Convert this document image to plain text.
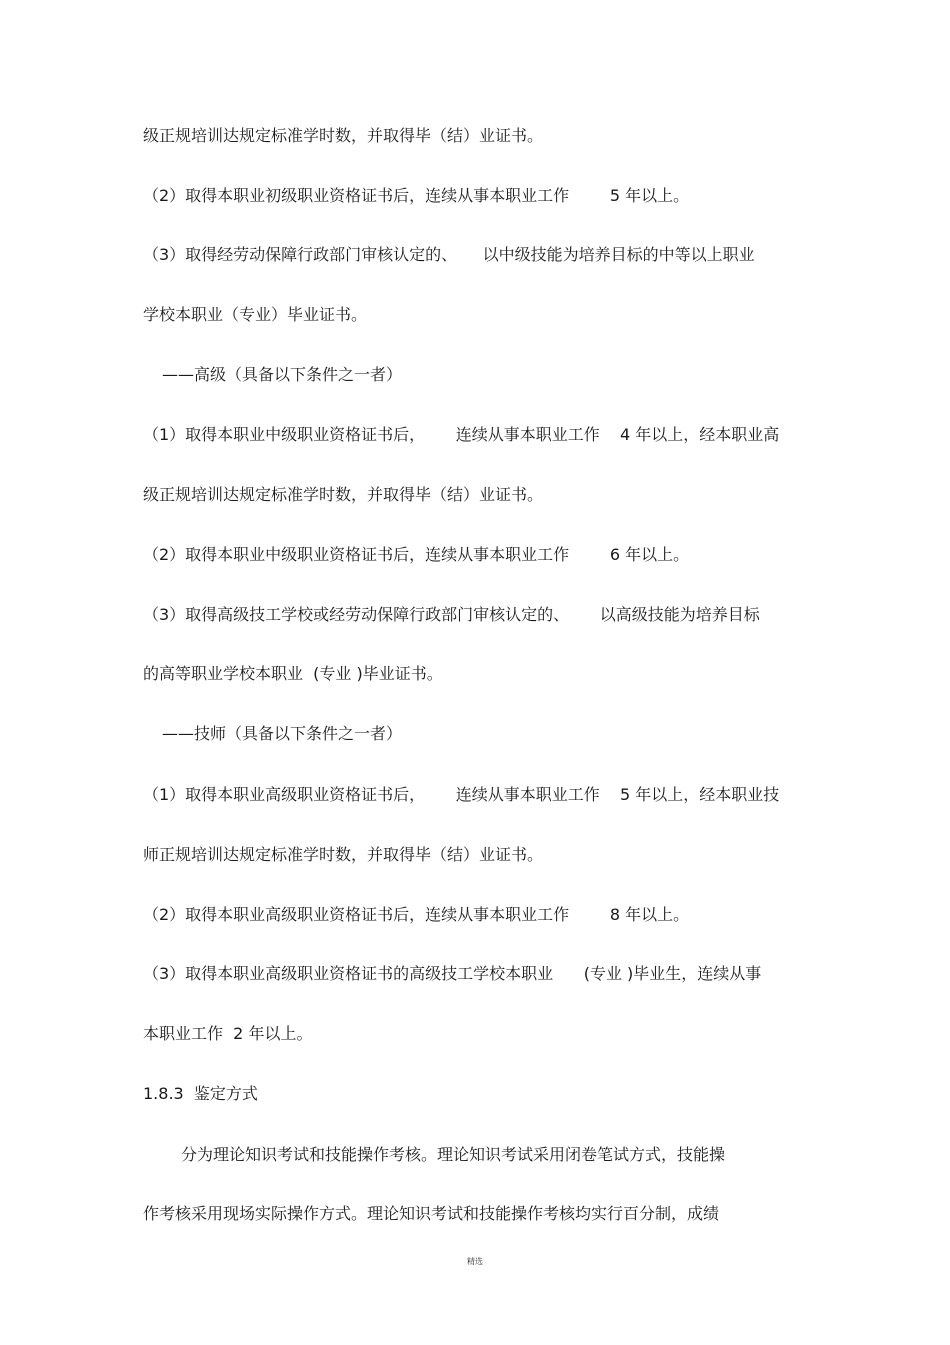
级正规培训达规定标准学时数，并取得毕（结）业证书。
（2）取得本职业初级职业资格证书后，连续从事本职业工作        5 年以上。
（3）取得经劳动保障行政部门审核认定的、     以中级技能为培养目标的中等以上职业
学校本职业（专业）毕业证书。
——高级（具备以下条件之一者）
（1）取得本职业中级职业资格证书后，      连续从事本职业工作    4 年以上，经本职业高
级正规培训达规定标准学时数，并取得毕（结）业证书。
（2）取得本职业中级职业资格证书后，连续从事本职业工作        6 年以上。
（3）取得高级技工学校或经劳动保障行政部门审核认定的、      以高级技能为培养目标
的高等职业学校本职业  (专业 )毕业证书。
——技师（具备以下条件之一者）
（1）取得本职业高级职业资格证书后，      连续从事本职业工作    5 年以上，经本职业技
师正规培训达规定标准学时数，并取得毕（结）业证书。
（2）取得本职业高级职业资格证书后，连续从事本职业工作        8 年以上。
（3）取得本职业高级职业资格证书的高级技工学校本职业      (专业 )毕业生，连续从事
本职业工作  2 年以上。
1.8.3  鉴定方式
分为理论知识考试和技能操作考核。理论知识考试采用闭卷笔试方式，技能操
作考核采用现场实际操作方式。理论知识考试和技能操作考核均实行百分制，成绩
精选
